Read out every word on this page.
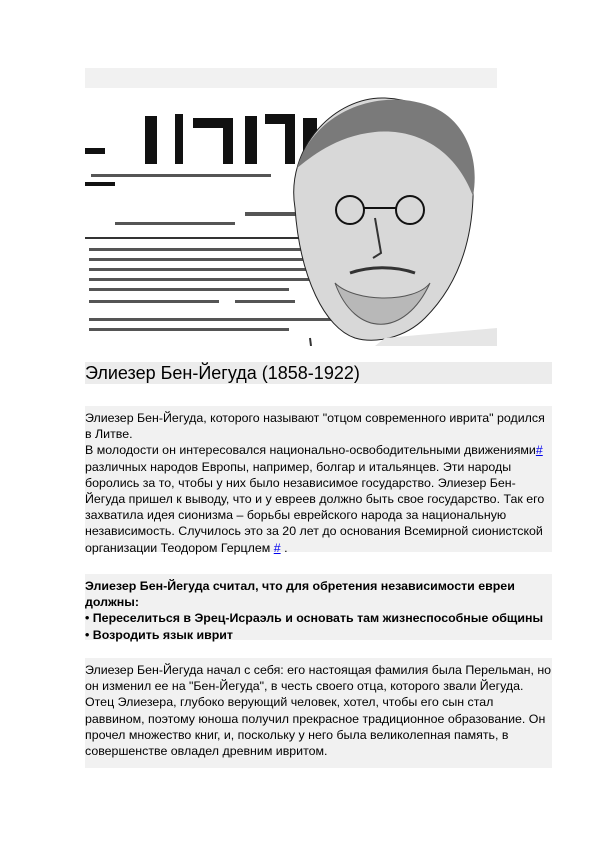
Элиезер Бен-Йегуда (1858-1922)

Элиезер Бен-Йегуда, которого называют "отцом современного иврита" родился в Литве.
В молодости он интересовался национально-освободительными движениями# различных народов Европы, например, болгар и итальянцев. Эти народы боролись за то, чтобы у них было независимое государство. Элиезер Бен-Йегуда пришел к выводу, что и у евреев должно быть свое государство. Так его захватила идея сионизма – борьбы еврейского народа за национальную независимость. Случилось это за 20 лет до основания Всемирной сионистской организации Теодором Герцлем # .

Элиезер Бен-Йегуда считал, что для обретения независимости евреи должны:
• Переселиться в Эрец-Исраэль и основать там жизнеспособные общины
• Возродить язык иврит

Элиезер Бен-Йегуда начал с себя: его настоящая фамилия была Перельман, но он изменил ее на "Бен-Йегуда", в честь своего отца, которого звали Йегуда. Отец Элиезера, глубоко верующий человек, хотел, чтобы его сын стал раввином, поэтому юноша получил прекрасное традиционное образование. Он прочел множество книг, и, поскольку у него была великолепная память, в совершенстве овладел древним ивритом.
